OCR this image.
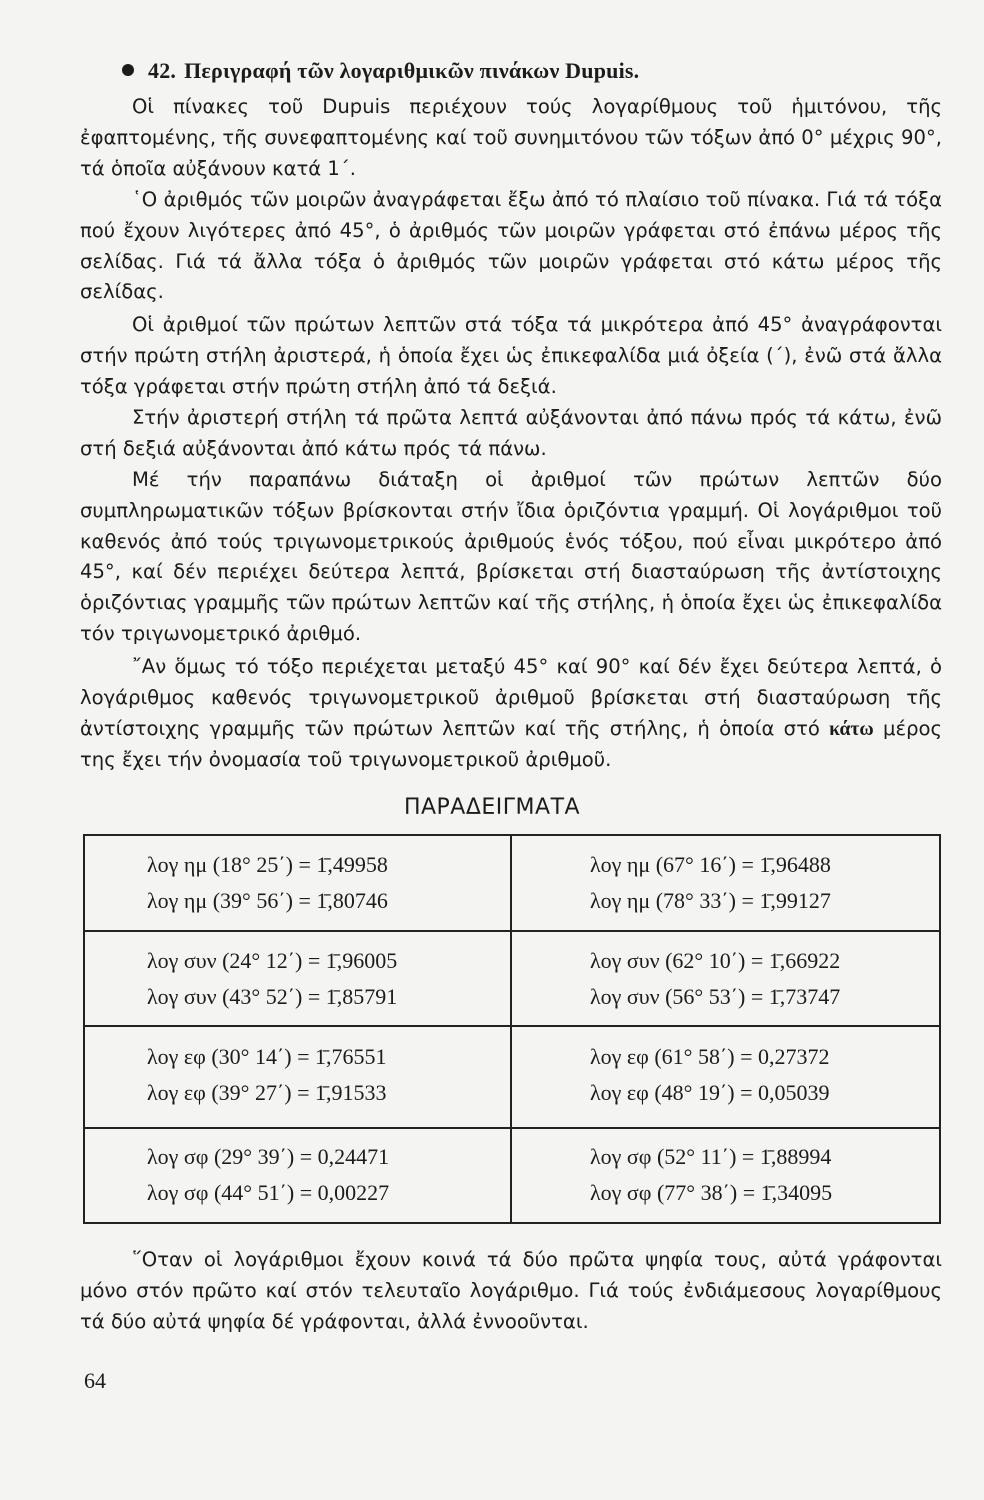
42. Περιγραφή τῶν λογαριθμικῶν πινάκων Dupuis.

Οἱ πίνακες τοῦ Dupuis περιέχουν τούς λογαρίθμους τοῦ ἡμιτόνου, τῆς ἐφαπτομένης, τῆς συνεφαπτομένης καί τοῦ συνημιτόνου τῶν τόξων ἀπό 0° μέχρις 90°, τά ὁποῖα αὐξάνουν κατά 1΄.

῾Ο ἀριθμός τῶν μοιρῶν ἀναγράφεται ἔξω ἀπό τό πλαίσιο τοῦ πίνακα. Γιά τά τόξα πού ἔχουν λιγότερες ἀπό 45°, ὁ ἀριθμός τῶν μοιρῶν γράφεται στό ἐπάνω μέρος τῆς σελίδας. Γιά τά ἄλλα τόξα ὁ ἀριθμός τῶν μοιρῶν γράφεται στό κάτω μέρος τῆς σελίδας.

Οἱ ἀριθμοί τῶν πρώτων λεπτῶν στά τόξα τά μικρότερα ἀπό 45° ἀναγράφονται στήν πρώτη στήλη ἀριστερά, ἡ ὁποία ἔχει ὡς ἐπικεφαλίδα μιά ὀξεία (΄), ἐνῶ στά ἄλλα τόξα γράφεται στήν πρώτη στήλη ἀπό τά δεξιά.

Στήν ἀριστερή στήλη τά πρῶτα λεπτά αὐξάνονται ἀπό πάνω πρός τά κάτω, ἐνῶ στή δεξιά αὐξάνονται ἀπό κάτω πρός τά πάνω.

Μέ τήν παραπάνω διάταξη οἱ ἀριθμοί τῶν πρώτων λεπτῶν δύο συμπληρωματικῶν τόξων βρίσκονται στήν ἴδια ὁριζόντια γραμμή. Οἱ λογάριθμοι τοῦ καθενός ἀπό τούς τριγωνομετρικούς ἀριθμούς ἑνός τόξου, πού εἶναι μικρότερο ἀπό 45°, καί δέν περιέχει δεύτερα λεπτά, βρίσκεται στή διασταύρωση τῆς ἀντίστοιχης ὁριζόντιας γραμμῆς τῶν πρώτων λεπτῶν καί τῆς στήλης, ἡ ὁποία ἔχει ὡς ἐπικεφαλίδα τόν τριγωνομετρικό ἀριθμό.

῎Αν ὅμως τό τόξο περιέχεται μεταξύ 45° καί 90° καί δέν ἔχει δεύτερα λεπτά, ὁ λογάριθμος καθενός τριγωνομετρικοῦ ἀριθμοῦ βρίσκεται στή διασταύρωση τῆς ἀντίστοιχης γραμμῆς τῶν πρώτων λεπτῶν καί τῆς στήλης, ἡ ὁποία στό κάτω μέρος της ἔχει τήν ὀνομασία τοῦ τριγωνομετρικοῦ ἀριθμοῦ.

ΠΑΡΑΔΕΙΓΜΑΤΑ
λογ ημ (18° 25΄) = 1̄,49958
λογ ημ (39° 56΄) = 1̄,80746
λογ ημ (67° 16΄) = 1̄,96488
λογ ημ (78° 33΄) = 1̄,99127
λογ συν (24° 12΄) = 1̄,96005
λογ συν (43° 52΄) = 1̄,85791
λογ συν (62° 10΄) = 1̄,66922
λογ συν (56° 53΄) = 1̄,73747
λογ εφ (30° 14΄) = 1̄,76551
λογ εφ (39° 27΄) = 1̄,91533
λογ εφ (61° 58΄) = 0,27372
λογ εφ (48° 19΄) = 0,05039
λογ σφ (29° 39΄) = 0,24471
λογ σφ (44° 51΄) = 0,00227
λογ σφ (52° 11΄) = 1̄,88994
λογ σφ (77° 38΄) = 1̄,34095

῞Οταν οἱ λογάριθμοι ἔχουν κοινά τά δύο πρῶτα ψηφία τους, αὐτά γράφονται μόνο στόν πρῶτο καί στόν τελευταῖο λογάριθμο. Γιά τούς ἐνδιάμεσους λογαρίθμους τά δύο αὐτά ψηφία δέ γράφονται, ἀλλά ἐννοοῦνται.

64
